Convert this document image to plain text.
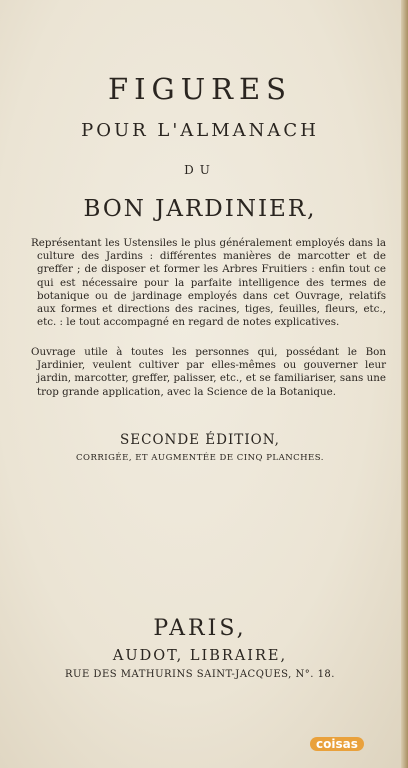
FIGURES
POUR L'ALMANACH
DU
BON JARDINIER,
Représentant les Ustensiles le plus généralement employés dans la culture des Jardins : différentes manières de marcotter et de greffer ; de disposer et former les Arbres Fruitiers : enfin tout ce qui est nécessaire pour la parfaite intelligence des termes de botanique ou de jardinage employés dans cet Ouvrage, relatifs aux formes et directions des racines, tiges, feuilles, fleurs, etc., etc. : le tout accompagné en regard de notes explicatives.
Ouvrage utile à toutes les personnes qui, possédant le Bon Jardinier, veulent cultiver par elles-mêmes ou gouverner leur jardin, marcotter, greffer, palisser, etc., et se familiariser, sans une trop grande application, avec la Science de la Botanique.
SECONDE ÉDITION,
CORRIGÉE, ET AUGMENTÉE DE CINQ PLANCHES.
PARIS,
AUDOT, LIBRAIRE,
RUE DES MATHURINS SAINT-JACQUES, N°. 18.
coisas
